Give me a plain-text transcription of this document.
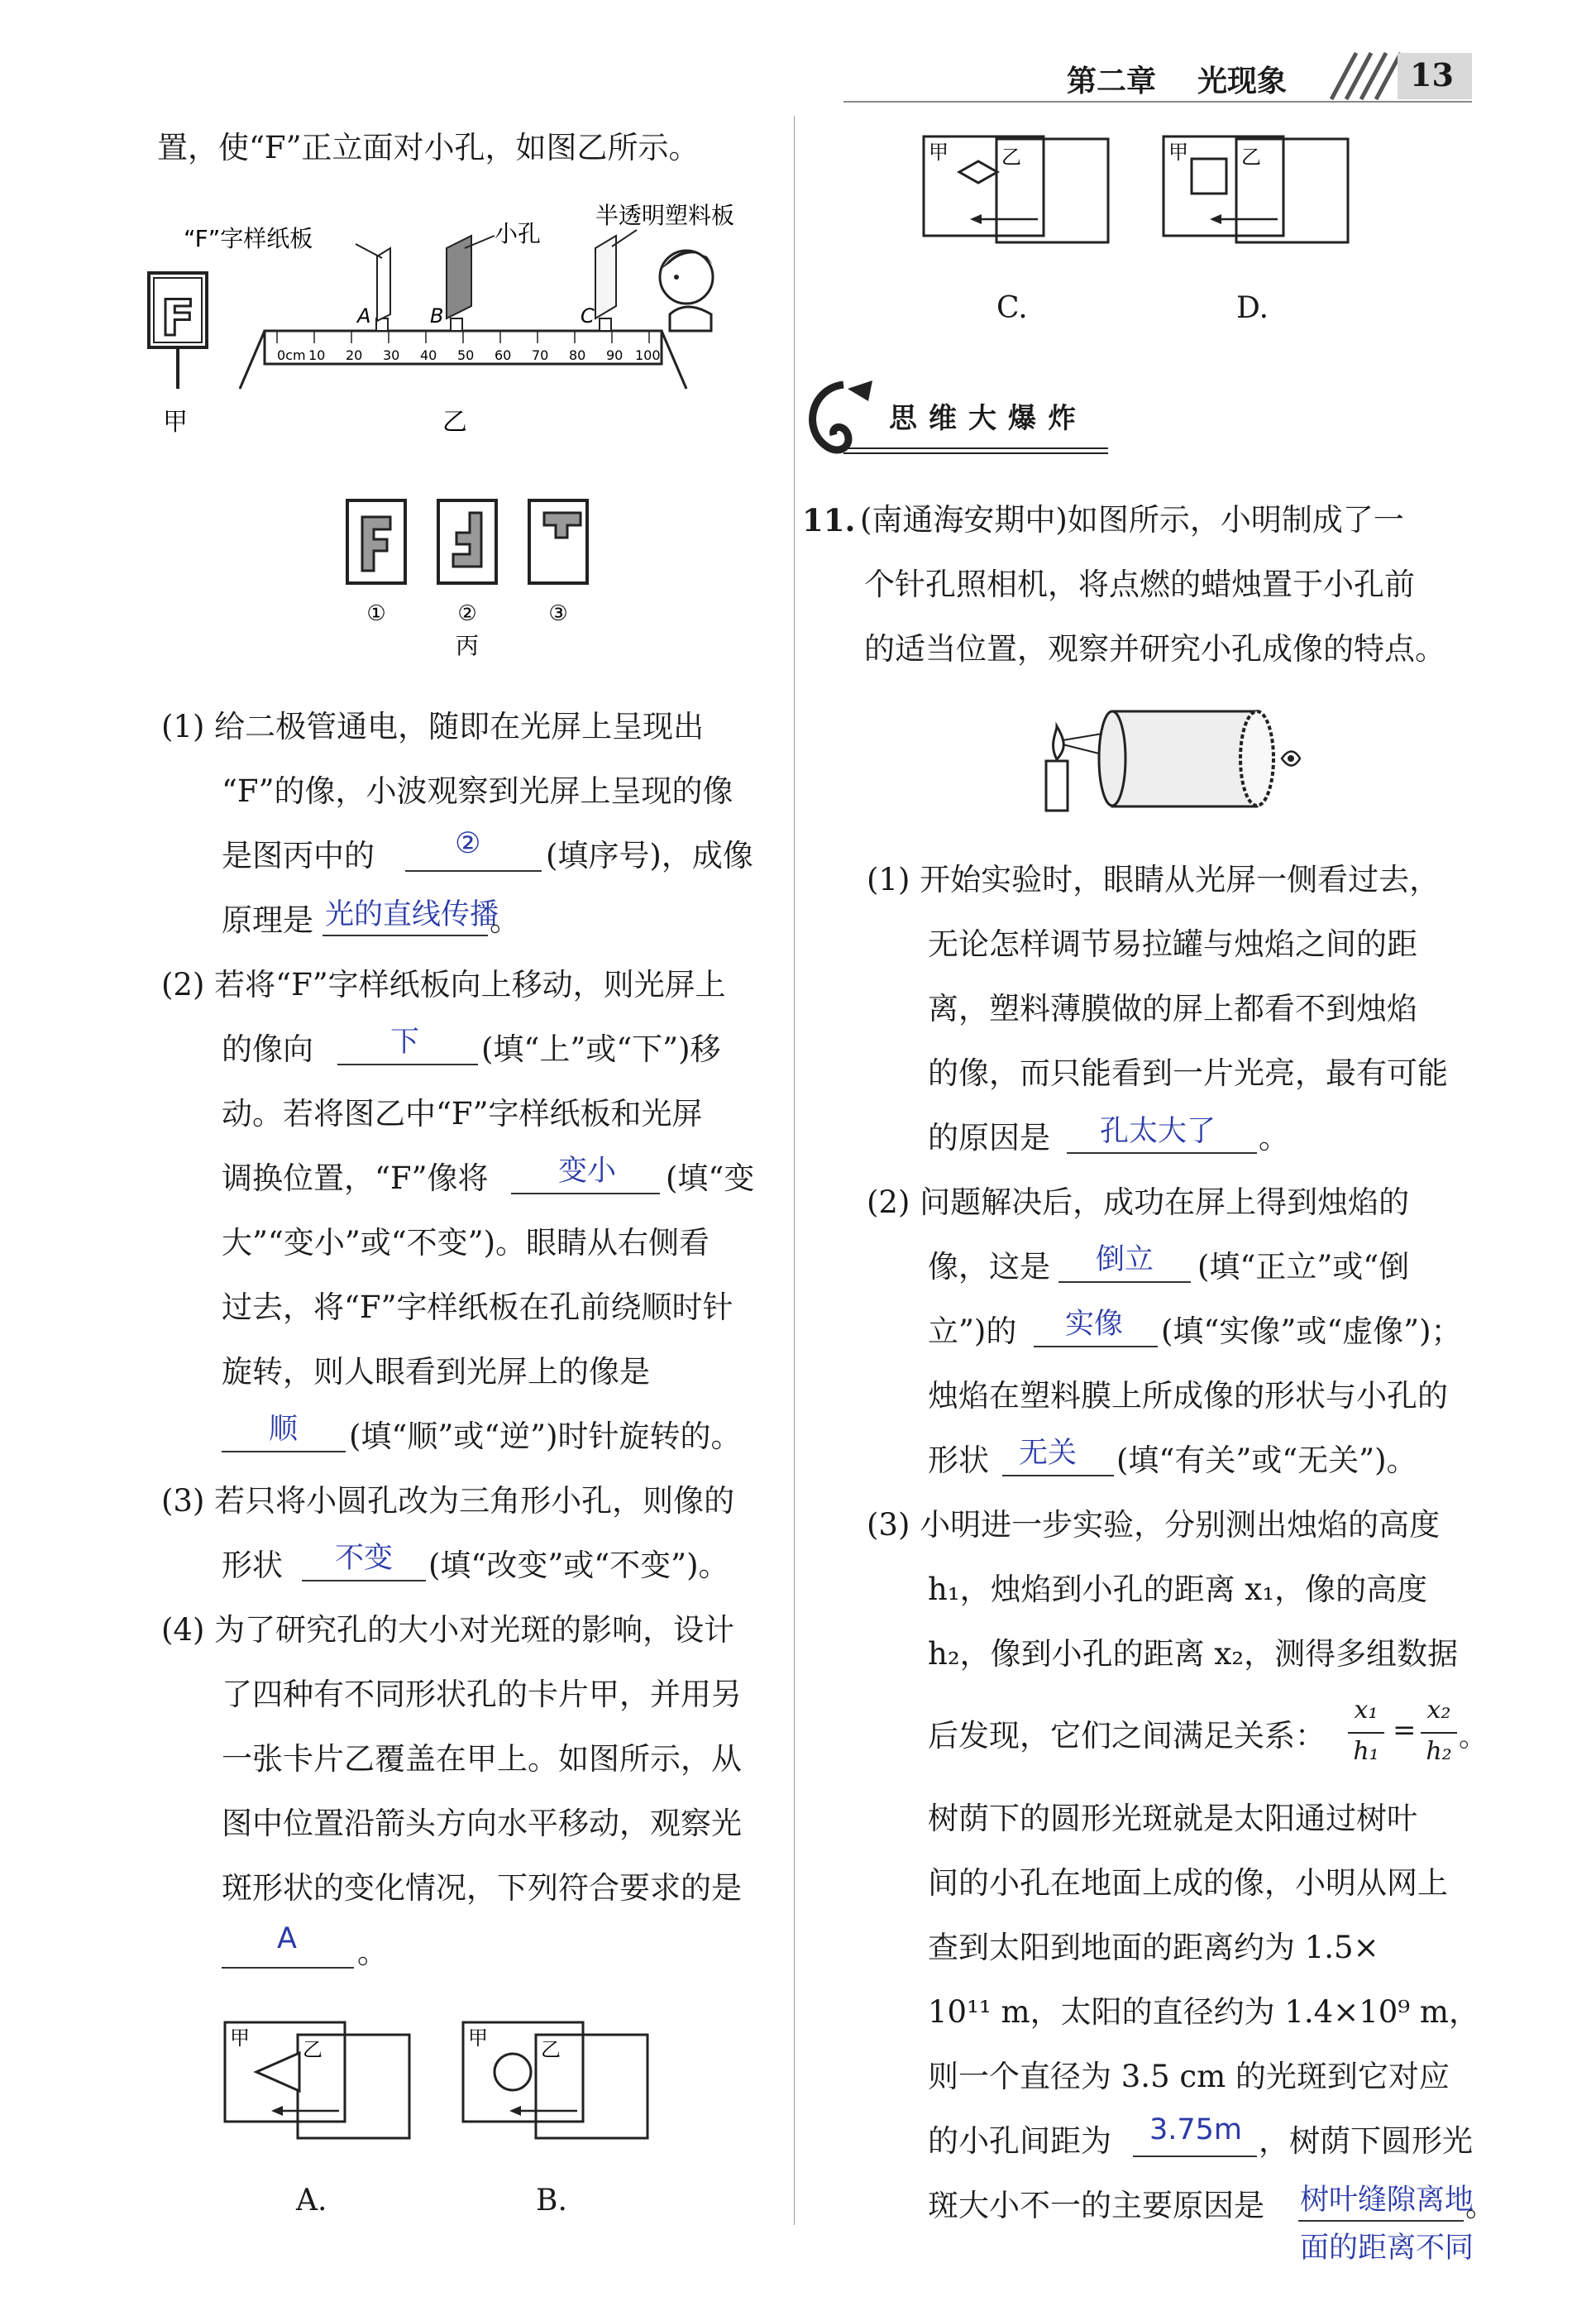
第二章 光现象	13
置，使“F”正立面对小孔，如图乙所示。
F
0cm 10 20 30 40 50 60 70 80 90 100
A	B	C
“F”字样纸板	小孔
半透明塑料板
甲	乙
①	②	③
丙
(1) 给二极管通电，随即在光屏上呈现出
“F”的像，小波观察到光屏上呈现的像
是图丙中的	② (填序号)，成像
原理是 光的直线传播
。
(2) 若将“F”字样纸板向上移动，则光屏上
的像向	下 (填“上”或“下”)移
动。若将图乙中“F”字样纸板和光屏
调换位置，“F”像将 变小 (填“变
大”“变小”或“不变”)。眼睛从右侧看
过去，将“F”字样纸板在孔前绕顺时针
旋转，则人眼看到光屏上的像是
顺 (填“顺”或“逆”)时针旋转的。
(3) 若只将小圆孔改为三角形小孔，则像的
形状 不变 (填“改变”或“不变”)。
(4) 为了研究孔的大小对光斑的影响，设计
了四种有不同形状孔的卡片甲，并用另
一张卡片乙覆盖在甲上。如图所示，从
图中位置沿箭头方向水平移动，观察光
斑形状的变化情况，下列符合要求的是
A 。
甲	乙
A.
甲	乙
B.
甲	乙
C.
甲	乙
D.
思维大爆炸
11. (南通海安期中)如图所示，小明制成了一
个针孔照相机，将点燃的蜡烛置于小孔前
的适当位置，观察并研究小孔成像的特点。
(1) 开始实验时，眼睛从光屏一侧看过去，
无论怎样调节易拉罐与烛焰之间的距
离，塑料薄膜做的屏上都看不到烛焰
的像，而只能看到一片光亮，最有可能
的原因是 孔太大了 。
(2) 问题解决后，成功在屏上得到烛焰的
像，这是 倒立 (填“正立”或“倒
立”)的 实像 (填“实像”或“虚像”)；
烛焰在塑料膜上所成像的形状与小孔的
形状 无关 (填“有关”或“无关”)。
(3) 小明进一步实验，分别测出烛焰的高度
h₁，烛焰到小孔的距离 x₁，像的高度
h₂，像到小孔的距离 x₂，测得多组数据
后发现，它们之间满足关系：
x₁
h₁
=
x₂
h₂ 。
树荫下的圆形光斑就是太阳通过树叶
间的小孔在地面上成的像，小明从网上
查到太阳到地面的距离约为 1.5×
10¹¹ m，太阳的直径约为 1.4×10⁹ m，
则一个直径为 3.5 cm 的光斑到它对应
的小孔间距为 3.75m ，树荫下圆形光
斑大小不一的主要原因是 树叶缝隙离地
。
面的距离不同
